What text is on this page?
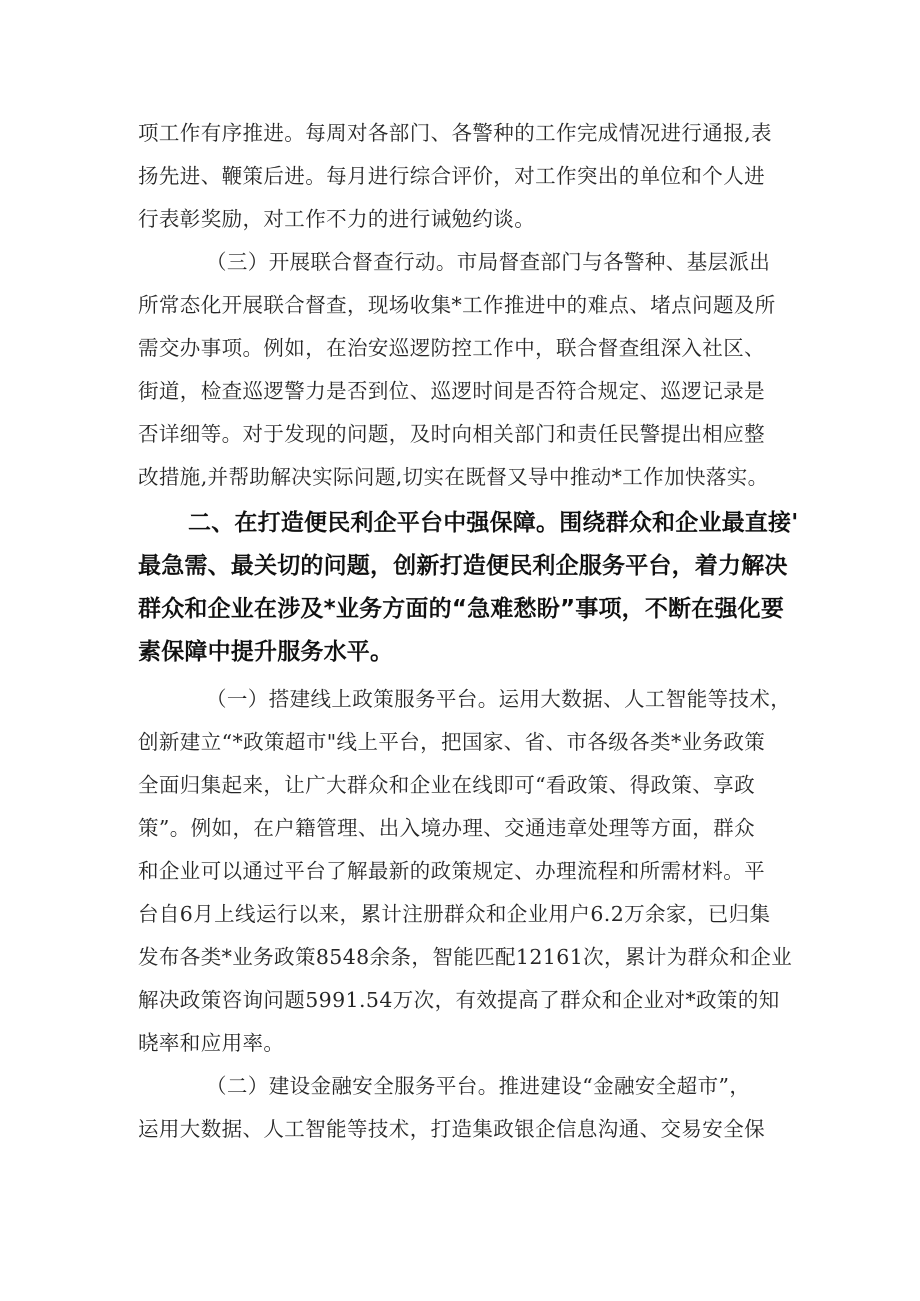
项工作有序推进。每周对各部门、各警种的工作完成情况进行通报,表
扬先进、鞭策后进。每月进行综合评价，对工作突出的单位和个人进
行表彰奖励，对工作不力的进行诫勉约谈。
（三）开展联合督查行动。市局督查部门与各警种、基层派出
所常态化开展联合督查，现场收集*工作推进中的难点、堵点问题及所
需交办事项。例如，在治安巡逻防控工作中，联合督查组深入社区、
街道，检查巡逻警力是否到位、巡逻时间是否符合规定、巡逻记录是
否详细等。对于发现的问题，及时向相关部门和责任民警提出相应整
改措施,并帮助解决实际问题,切实在既督又导中推动*工作加快落实。
二、在打造便民利企平台中强保障。围绕群众和企业最直接'
最急需、最关切的问题，创新打造便民利企服务平台，着力解决
群众和企业在涉及*业务方面的“急难愁盼”事项，不断在强化要
素保障中提升服务水平。
（一）搭建线上政策服务平台。运用大数据、人工智能等技术，
创新建立“*政策超市"线上平台，把国家、省、市各级各类*业务政策
全面归集起来，让广大群众和企业在线即可“看政策、得政策、享政
策”。例如，在户籍管理、出入境办理、交通违章处理等方面，群众
和企业可以通过平台了解最新的政策规定、办理流程和所需材料。平
台自6月上线运行以来，累计注册群众和企业用户6.2万余家，已归集
发布各类*业务政策8548余条，智能匹配12161次，累计为群众和企业
解决政策咨询问题5991.54万次，有效提高了群众和企业对*政策的知
晓率和应用率。
（二）建设金融安全服务平台。推进建设“金融安全超市”，
运用大数据、人工智能等技术，打造集政银企信息沟通、交易安全保
